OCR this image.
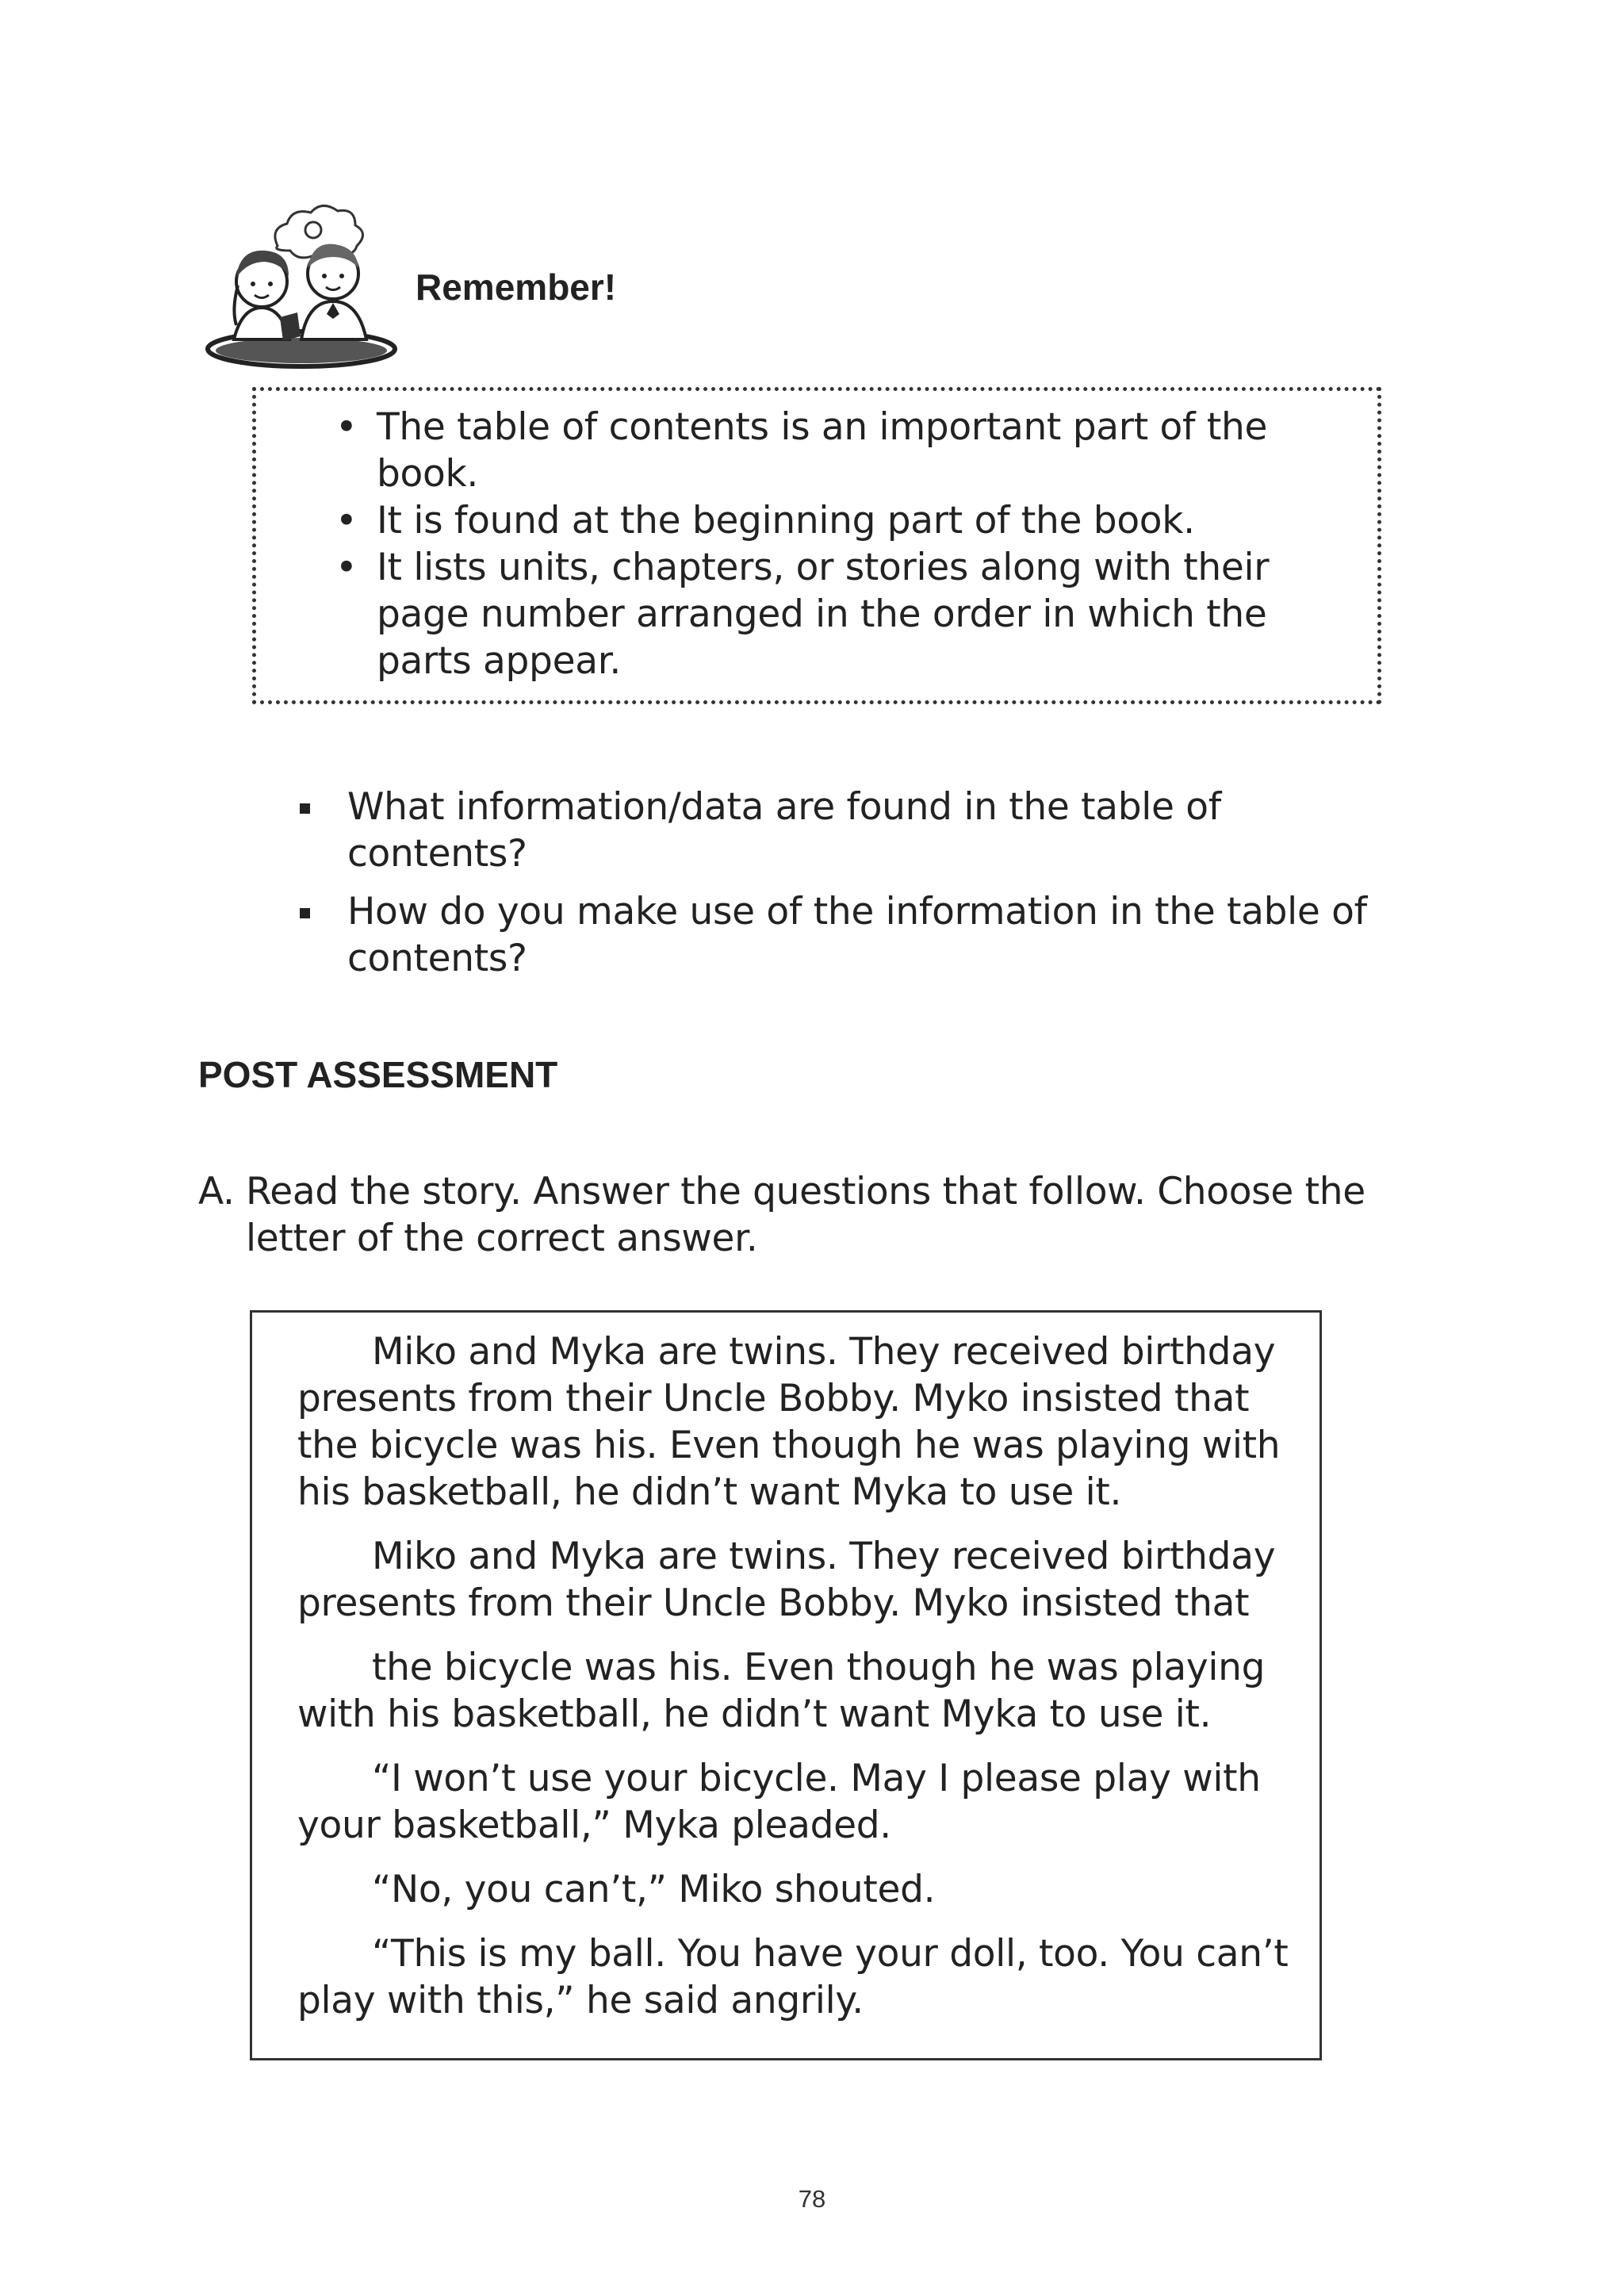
Remember!
• The table of contents is an important part of the book.
• It is found at the beginning part of the book.
• It lists units, chapters, or stories along with their page number arranged in the order in which the parts appear.
What information/data are found in the table of contents?
How do you make use of the information in the table of contents?
POST ASSESSMENT
A. Read the story. Answer the questions that follow. Choose the letter of the correct answer.

Miko and Myka are twins. They received birthday presents from their Uncle Bobby. Myko insisted that the bicycle was his. Even though he was playing with his basketball, he didn’t want Myka to use it.

Miko and Myka are twins. They received birthday presents from their Uncle Bobby. Myko insisted that

the bicycle was his. Even though he was playing with his basketball, he didn’t want Myka to use it.

“I won’t use your bicycle. May I please play with your basketball,” Myka pleaded.

“No, you can’t,” Miko shouted.

“This is my ball. You have your doll, too. You can’t play with this,” he said angrily.

78
